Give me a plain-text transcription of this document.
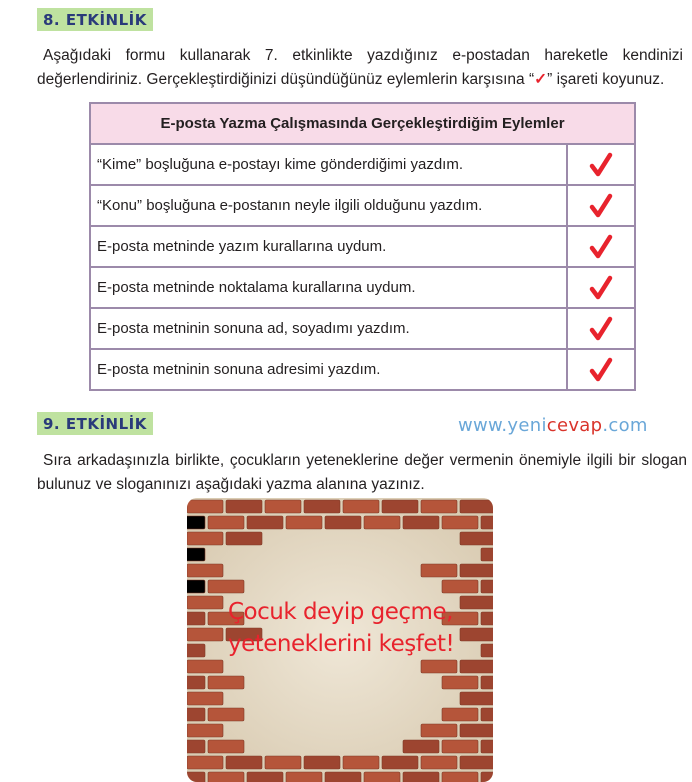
8. ETKİNLİK
Aşağıdaki formu kullanarak 7. etkinlikte yazdığınız e-postadan hareketle kendinizi değerlendiriniz. Gerçekleştirdiğinizi düşündüğünüz eylemlerin karşısına “✓” işareti koyunuz.
E-posta Yazma Çalışmasında Gerçekleştirdiğim Eylemler
“Kime” boşluğuna e-postayı kime gönderdiğimi yazdım.
“Konu” boşluğuna e-postanın neyle ilgili olduğunu yazdım.
E-posta metninde yazım kurallarına uydum.
E-posta metninde noktalama kurallarına uydum.
E-posta metninin sonuna ad, soyadımı yazdım.
E-posta metninin sonuna adresimi yazdım.
www.yenicevap.com
9. ETKİNLİK
Sıra arkadaşınızla birlikte, çocukların yeteneklerine değer vermenin önemiyle ilgili bir slogan bulunuz ve sloganınızı aşağıdaki yazma alanına yazınız.
Çocuk deyip geçme,
yeteneklerini keşfet!
